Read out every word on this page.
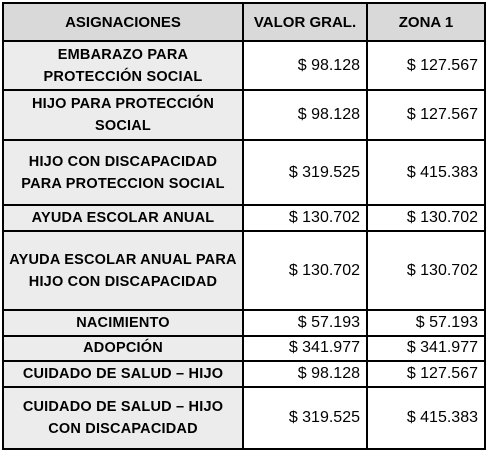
ASIGNACIONES	VALOR GRAL.	ZONA 1
EMBARAZO PARA PROTECCIÓN SOCIAL	$ 98.128	$ 127.567
HIJO PARA PROTECCIÓN SOCIAL	$ 98.128	$ 127.567
HIJO CON DISCAPACIDAD PARA PROTECCION SOCIAL	$ 319.525	$ 415.383
AYUDA ESCOLAR ANUAL	$ 130.702	$ 130.702
AYUDA ESCOLAR ANUAL PARA HIJO CON DISCAPACIDAD	$ 130.702	$ 130.702
NACIMIENTO	$ 57.193	$ 57.193
ADOPCIÓN	$ 341.977	$ 341.977
CUIDADO DE SALUD – HIJO	$ 98.128	$ 127.567
CUIDADO DE SALUD – HIJO CON DISCAPACIDAD	$ 319.525	$ 415.383
